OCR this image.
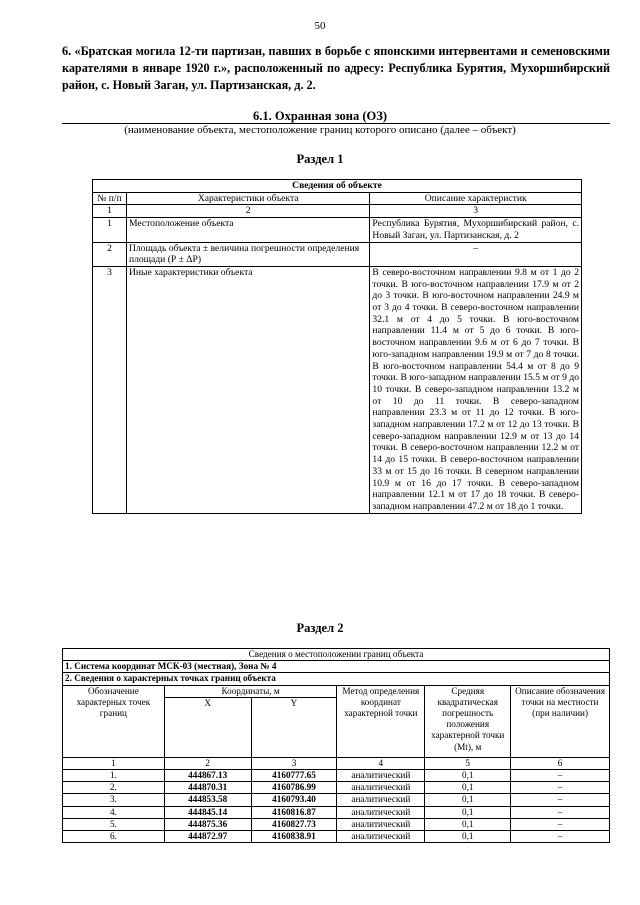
50
6. «Братская могила 12-ти партизан, павших в борьбе с японскими интервентами и семеновскими карателями в январе 1920 г.», расположенный по адресу: Республика Бурятия, Мухоршибирский район, с. Новый Заган, ул. Партизанская, д. 2.
6.1. Охранная зона (ОЗ)
(наименование объекта, местоположение границ которого описано (далее – объект)
Раздел 1
Сведения об объекте		
№ п/п	Характеристики объекта	Описание характеристик
1	2	3
1	Местоположение объекта	Республика Бурятия, Мухоршибирский район, с. Новый Заган, ул. Партизанская, д. 2
2	Площадь объекта ± величина погрешности определения площади (Р ± ΔР)	–
3	Иные характеристики объекта	В северо-восточном направлении 9.8 м от 1 до 2 точки. В юго-восточном направлении 17.9 м от 2 до 3 точки. В юго-восточном направлении 24.9 м от 3 до 4 точки. В северо-восточном направлении 32.1 м от 4 до 5 точки. В юго-восточном направлении 11.4 м от 5 до 6 точки. В юго-восточном направлении 9.6 м от 6 до 7 точки. В юго-западном направлении 19.9 м от 7 до 8 точки. В юго-восточном направлении 54.4 м от 8 до 9 точки. В юго-западном направлении 15.5 м от 9 до 10 точки. В северо-западном направлении 13.2 м от 10 до 11 точки. В северо-западном направлении 23.3 м от 11 до 12 точки. В юго-западном направлении 17.2 м от 12 до 13 точки. В северо-западном направлении 12.9 м от 13 до 14 точки. В северо-восточном направлении 12.2 м от 14 до 15 точки. В северо-восточном направлении 33 м от 15 до 16 точки. В северном направлении 10.9 м от 16 до 17 точки. В северо-западном направлении 12.1 м от 17 до 18 точки. В северо-западном направлении 47.2 м от 18 до 1 точки.
Раздел 2
Сведения о местоположении границ объекта					
1. Система координат МСК-03 (местная), Зона № 4					
2. Сведения о характерных точках границ объекта					
Обозначение характерных точек границ	Координаты, м		Метод определения координат характерной точки	Средняя квадратическая погрешность положения характерной точки (Mt), м	Описание обозначения точки на местности (при наличии)
	X	Y			
1	2	3	4	5	6
1.	444867.13	4160777.65	аналитический	0,1	–
2.	444870.31	4160786.99	аналитический	0,1	–
3.	444853.58	4160793.40	аналитический	0,1	–
4.	444845.14	4160816.87	аналитический	0,1	–
5.	444875.36	4160827.73	аналитический	0,1	–
6.	444872.97	4160838.91	аналитический	0,1	–
